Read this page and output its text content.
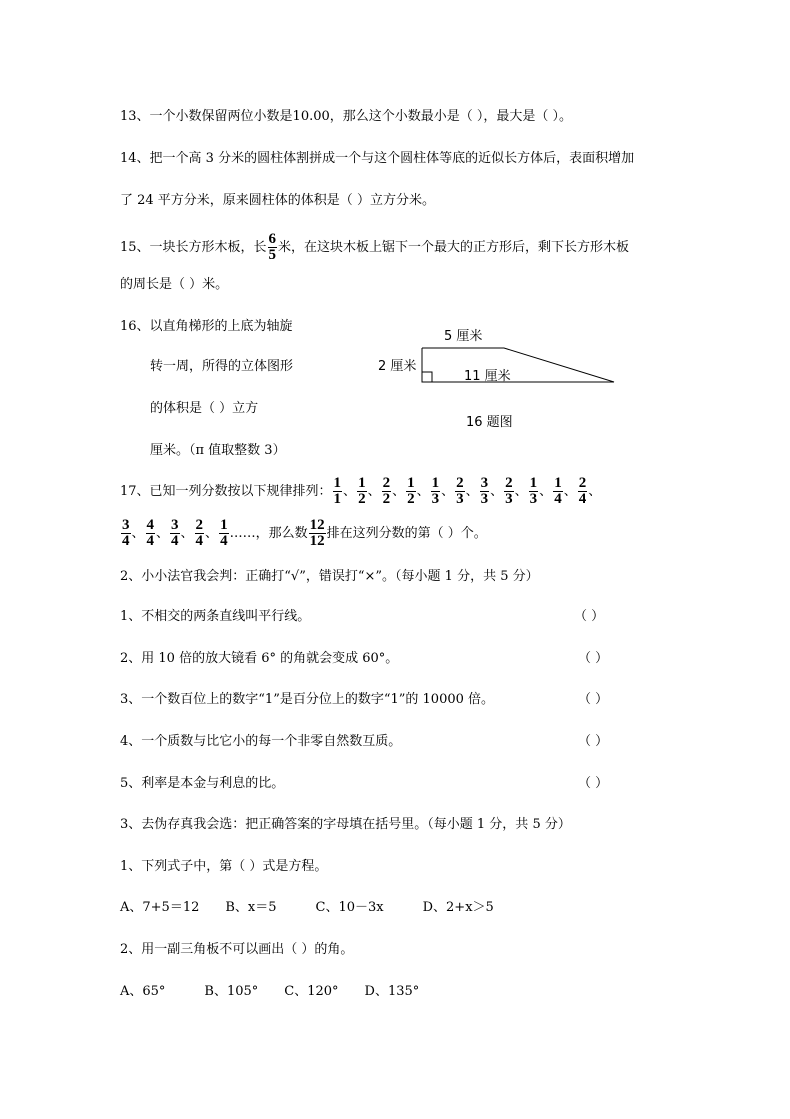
13、一个小数保留两位小数是10.00，那么这个小数最小是（ ），最大是（ ）。
14、把一个高 3 分米的圆柱体割拼成一个与这个圆柱体等底的近似长方体后，表面积增加
了 24 平方分米，原来圆柱体的体积是（ ）立方分米。
15、一块长方形木板，长 $\frac{6}{5}$ 米，在这块木板上锯下一个最大的正方形后，剩下长方形木板
的周长是（ ）米。
16、以直角梯形的上底为轴旋
转一周，所得的立体图形
的体积是（ ）立方
厘米。（π 值取整数 3）
5 厘米
2 厘米
11 厘米
16 题图
17、已知一列分数按以下规律排列： $\frac{1}{1}$ 、 $\frac{1}{2}$ 、 $\frac{2}{2}$ 、 $\frac{1}{2}$ 、 $\frac{1}{3}$ 、 $\frac{2}{3}$ 、 $\frac{3}{3}$ 、 $\frac{2}{3}$ 、 $\frac{1}{3}$ 、 $\frac{1}{4}$ 、 $\frac{2}{4}$ 、
$\frac{3}{4}$ 、 $\frac{4}{4}$ 、 $\frac{3}{4}$ 、 $\frac{2}{4}$ 、 $\frac{1}{4}$ ……，那么数 $\frac{12}{12}$ 排在这列分数的第（ ）个。
2、小小法官我会判：正确打“√”，错误打“×”。（每小题 1 分，共 5 分）
1、不相交的两条直线叫平行线。	（ ）
2、用 10 倍的放大镜看 6° 的角就会变成 60°。	（ ）
3、一个数百位上的数字“1”是百分位上的数字“1”的 10000 倍。	（ ）
4、一个质数与比它小的每一个非零自然数互质。	（ ）
5、利率是本金与利息的比。	（ ）
3、去伪存真我会选：把正确答案的字母填在括号里。（每小题 1 分，共 5 分）
1、下列式子中，第（ ）式是方程。
A、7+5＝12　　B、x＝5　　　C、10－3x　　　D、2+x＞5
2、用一副三角板不可以画出（ ）的角。
A、65°　　　B、105°　　C、120°　　D、135°
